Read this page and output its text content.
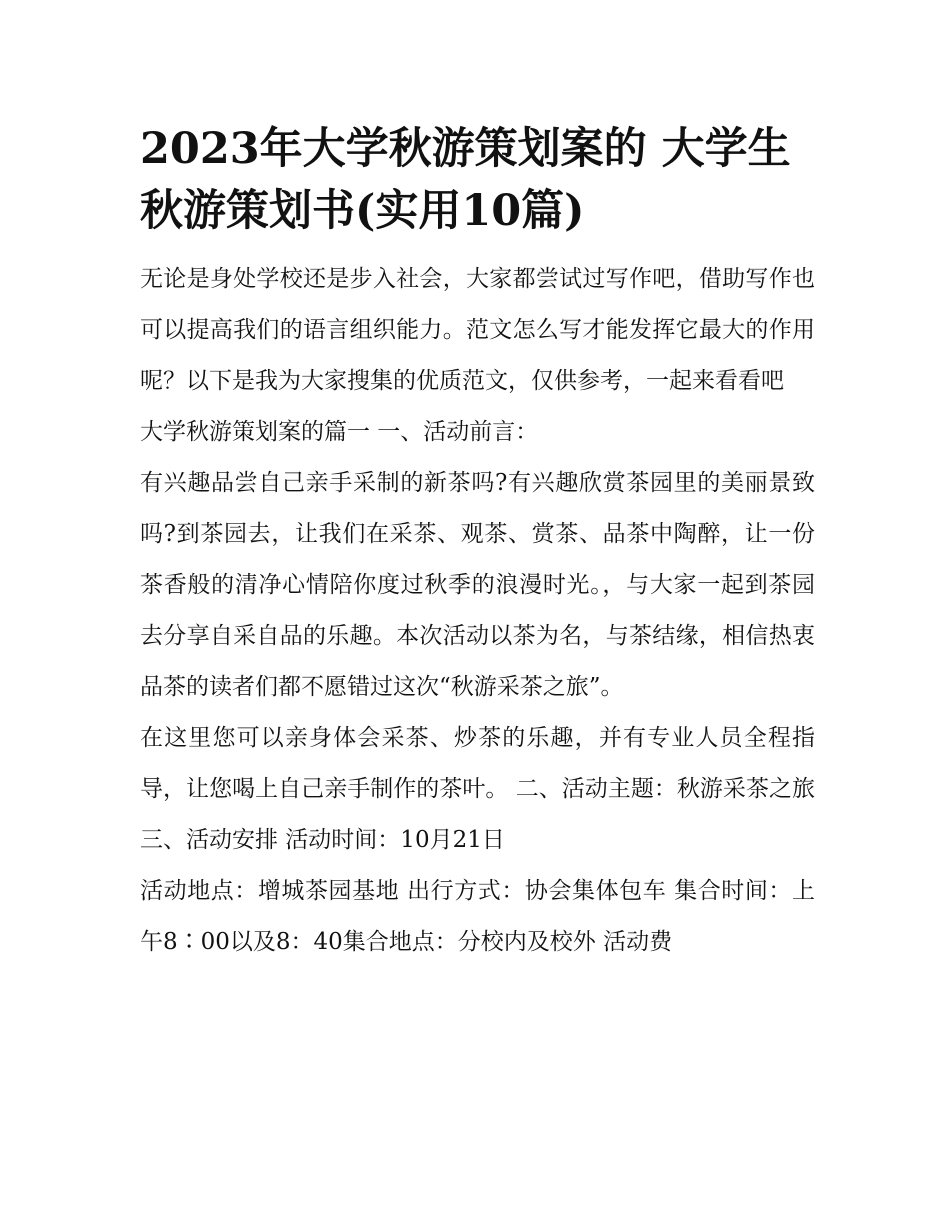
2023年大学秋游策划案的 大学生秋游策划书(实用10篇)

无论是身处学校还是步入社会，大家都尝试过写作吧，借助写作也可以提高我们的语言组织能力。范文怎么写才能发挥它最大的作用呢？以下是我为大家搜集的优质范文，仅供参考，一起来看看吧

大学秋游策划案的篇一 一、活动前言：

有兴趣品尝自己亲手采制的新茶吗?有兴趣欣赏茶园里的美丽景致吗?到茶园去，让我们在采茶、观茶、赏茶、品茶中陶醉，让一份茶香般的清净心情陪你度过秋季的浪漫时光。，与大家一起到茶园去分享自采自品的乐趣。本次活动以茶为名，与茶结缘，相信热衷品茶的读者们都不愿错过这次“秋游采茶之旅”。

在这里您可以亲身体会采茶、炒茶的乐趣，并有专业人员全程指导，让您喝上自己亲手制作的茶叶。 二、活动主题：秋游采茶之旅 三、活动安排 活动时间：10月21日

活动地点：增城茶园基地 出行方式：协会集体包车 集合时间：上午8∶00以及8：40集合地点：分校内及校外 活动费
